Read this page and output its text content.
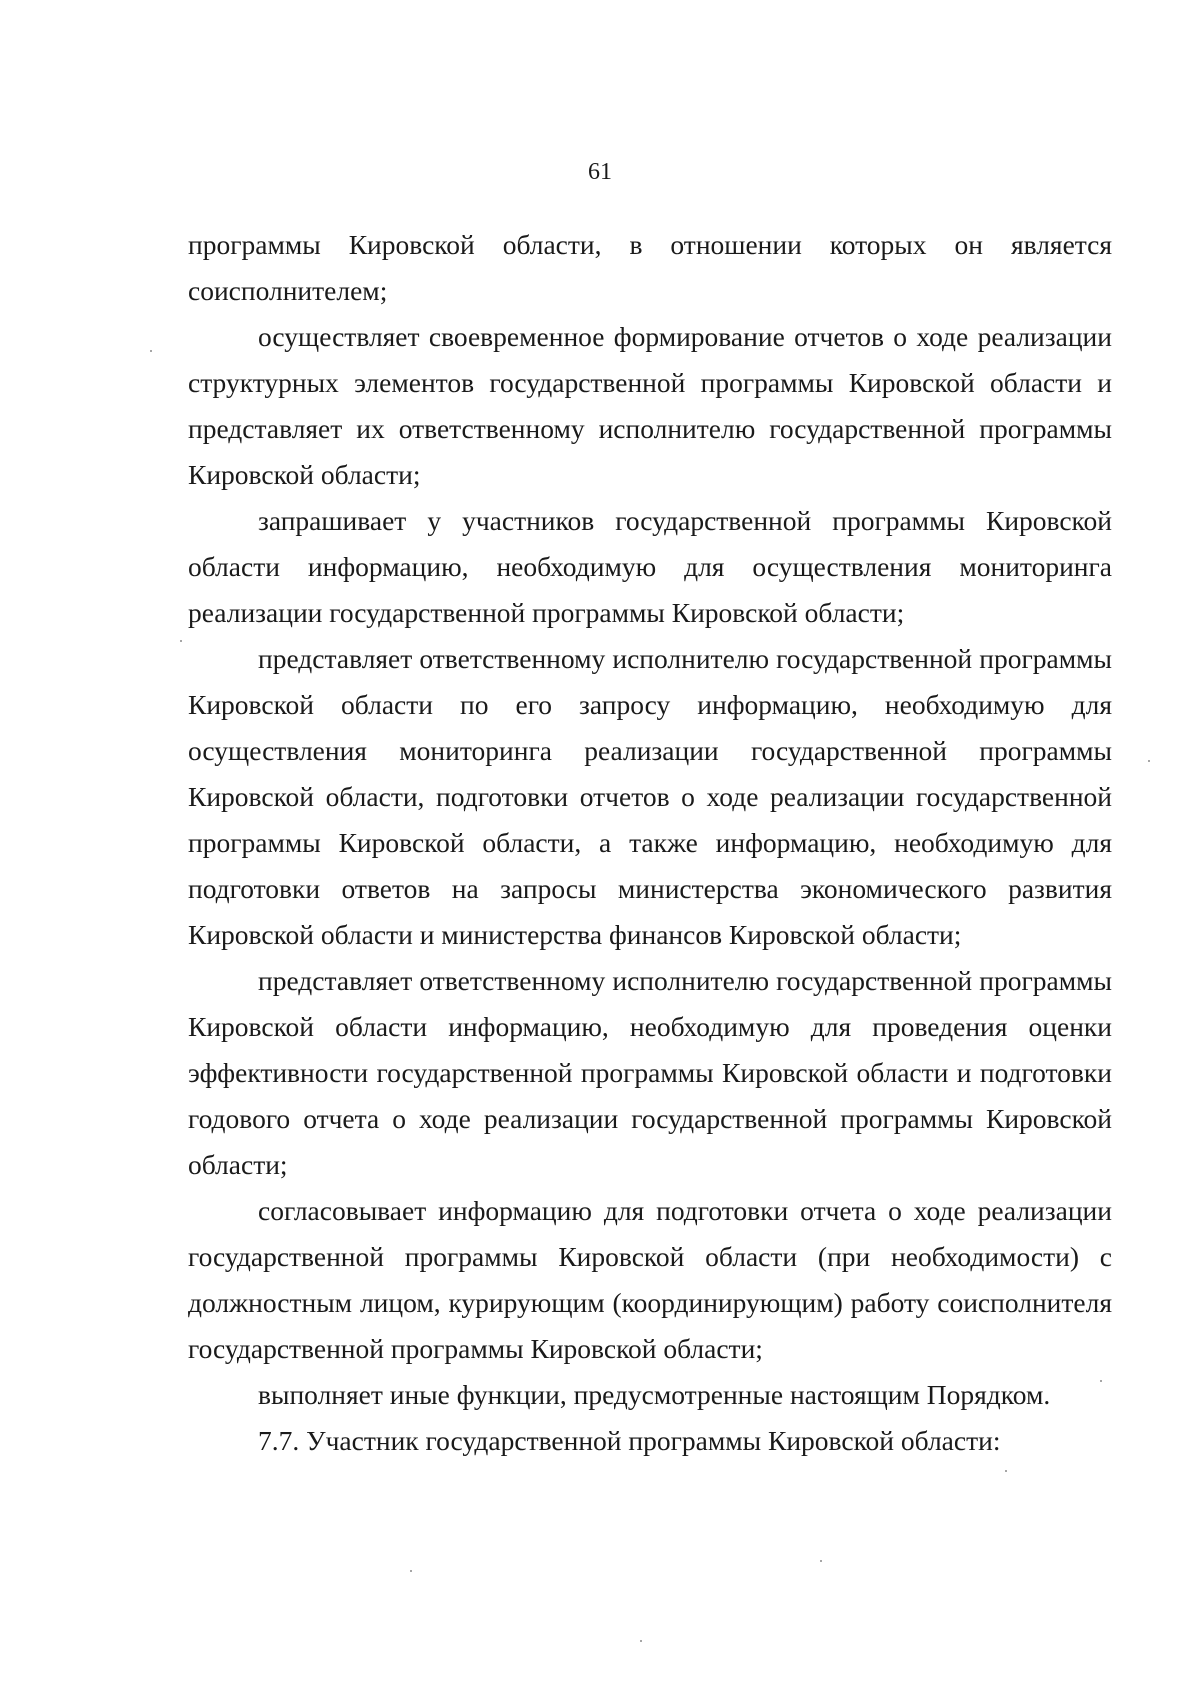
61

программы Кировской области, в отношении которых он является соисполнителем;

осуществляет своевременное формирование отчетов о ходе реализации структурных элементов государственной программы Кировской области и представляет их ответственному исполнителю государственной программы Кировской области;

запрашивает у участников государственной программы Кировской области информацию, необходимую для осуществления мониторинга реализации государственной программы Кировской области;

представляет ответственному исполнителю государственной программы Кировской области по его запросу информацию, необходимую для осуществления мониторинга реализации государственной программы Кировской области, подготовки отчетов о ходе реализации государственной программы Кировской области, а также информацию, необходимую для подготовки ответов на запросы министерства экономического развития Кировской области и министерства финансов Кировской области;

представляет ответственному исполнителю государственной программы Кировской области информацию, необходимую для проведения оценки эффективности государственной программы Кировской области и подготовки годового отчета о ходе реализации государственной программы Кировской области;

согласовывает информацию для подготовки отчета о ходе реализации государственной программы Кировской области (при необходимости) с должностным лицом, курирующим (координирующим) работу соисполнителя государственной программы Кировской области;

выполняет иные функции, предусмотренные настоящим Порядком.

7.7. Участник государственной программы Кировской области:
